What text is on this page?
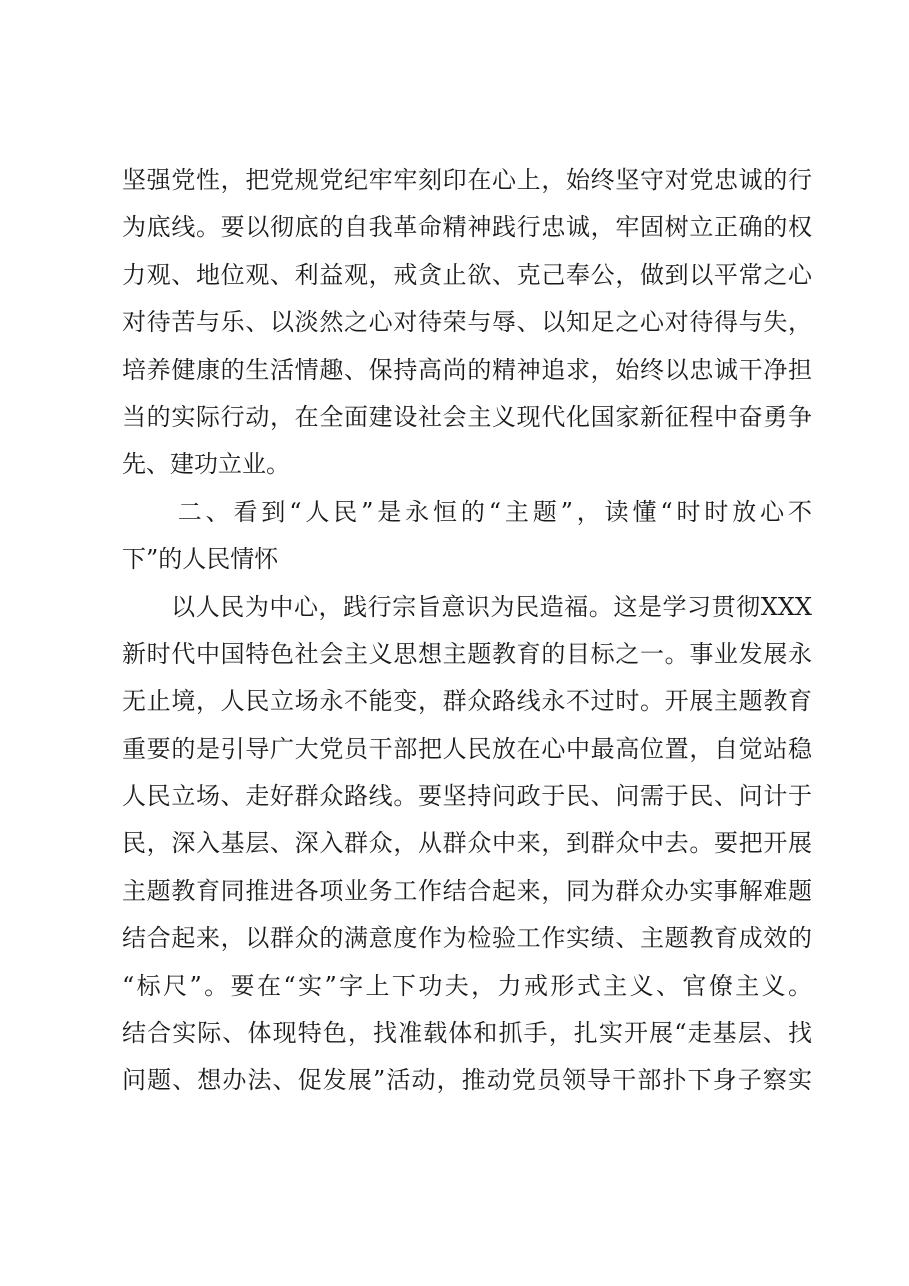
坚强党性，把党规党纪牢牢刻印在心上，始终坚守对党忠诚的行
为底线。要以彻底的自我革命精神践行忠诚，牢固树立正确的权
力观、地位观、利益观，戒贪止欲、克己奉公，做到以平常之心
对待苦与乐、以淡然之心对待荣与辱、以知足之心对待得与失，
培养健康的生活情趣、保持高尚的精神追求，始终以忠诚干净担
当的实际行动，在全面建设社会主义现代化国家新征程中奋勇争
先、建功立业。
　　二、看到“人民”是永恒的“主题”，读懂“时时放心不
下”的人民情怀
　　以人民为中心，践行宗旨意识为民造福。这是学习贯彻XXX
新时代中国特色社会主义思想主题教育的目标之一。事业发展永
无止境，人民立场永不能变，群众路线永不过时。开展主题教育
重要的是引导广大党员干部把人民放在心中最高位置，自觉站稳
人民立场、走好群众路线。要坚持问政于民、问需于民、问计于
民，深入基层、深入群众，从群众中来，到群众中去。要把开展
主题教育同推进各项业务工作结合起来，同为群众办实事解难题
结合起来，以群众的满意度作为检验工作实绩、主题教育成效的
“标尺”。要在“实”字上下功夫，力戒形式主义、官僚主义。
结合实际、体现特色，找准载体和抓手，扎实开展“走基层、找
问题、想办法、促发展”活动，推动党员领导干部扑下身子察实
